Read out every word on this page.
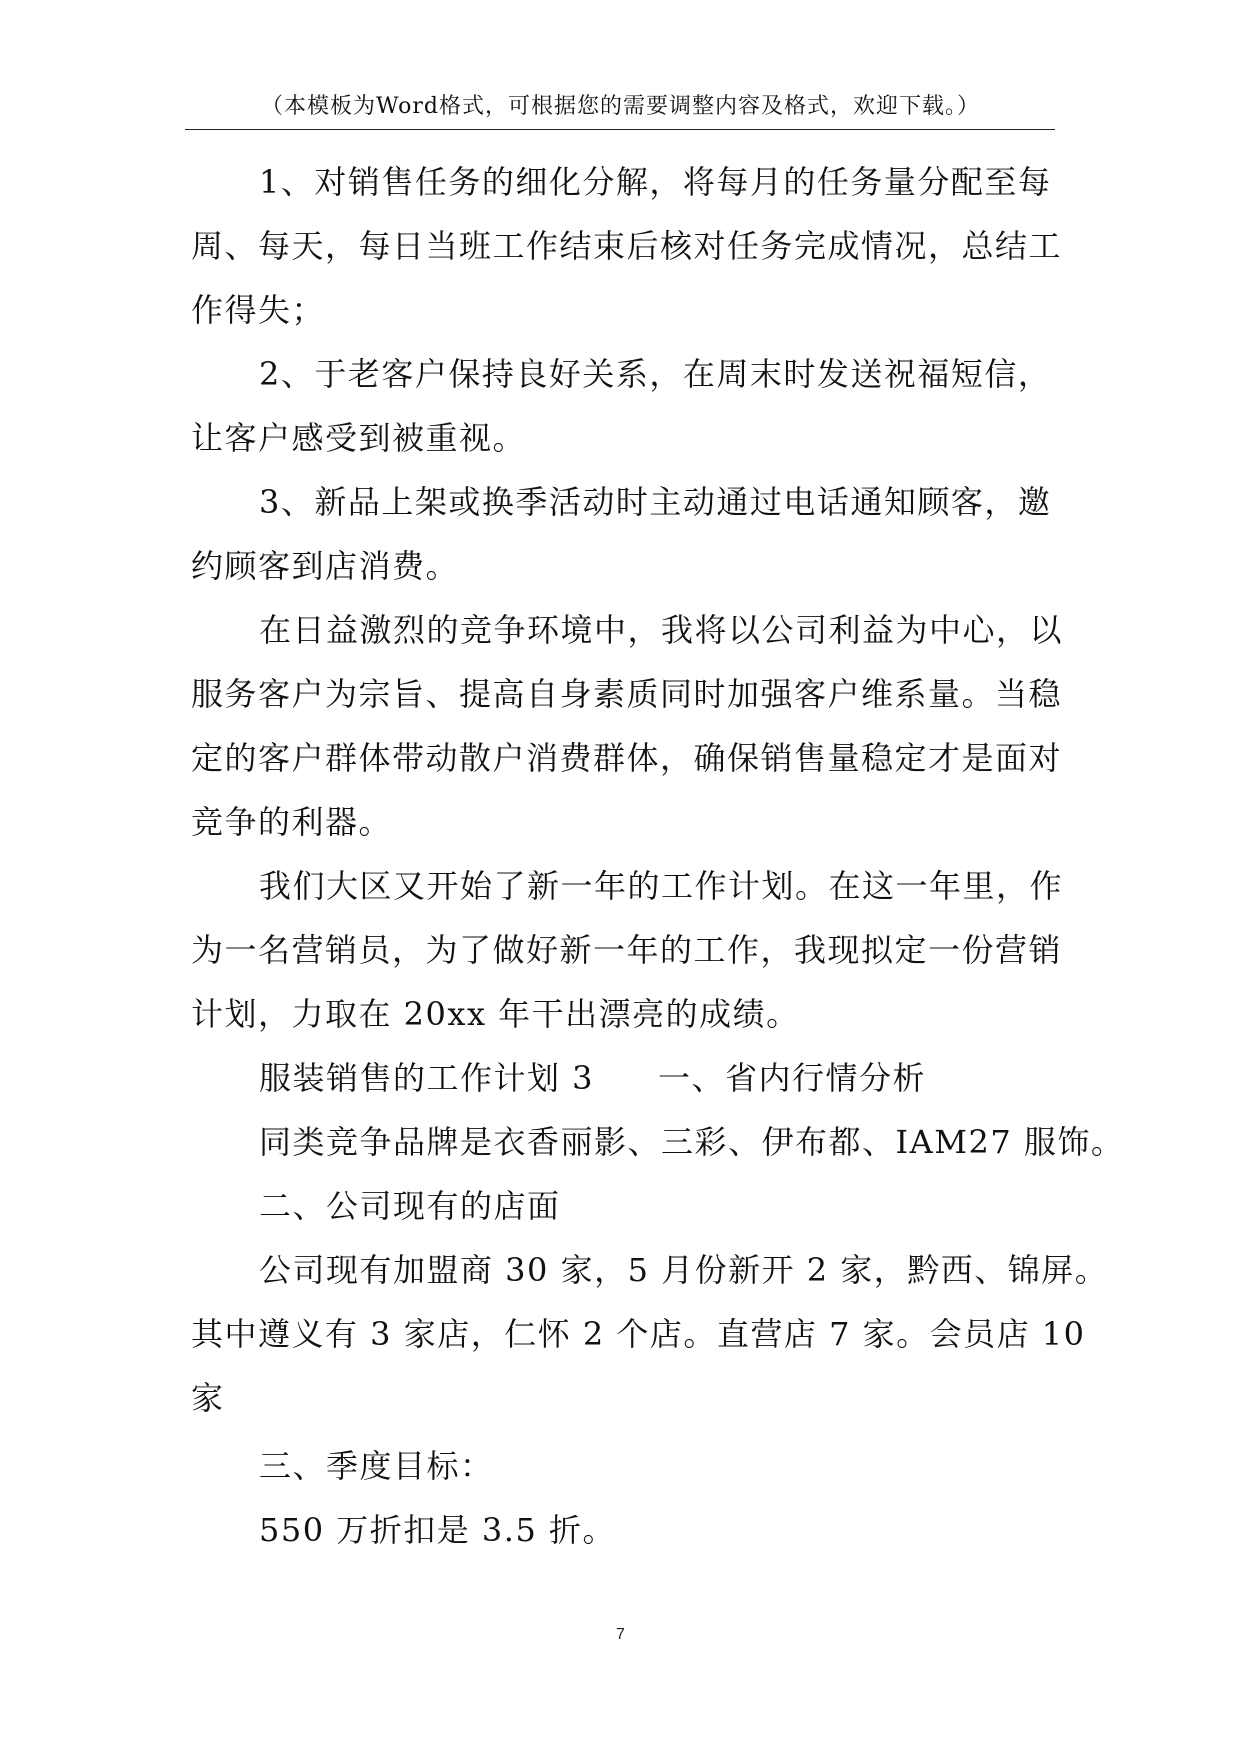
（本模板为Word格式，可根据您的需要调整内容及格式，欢迎下载。）
1、对销售任务的细化分解，将每月的任务量分配至每
周、每天，每日当班工作结束后核对任务完成情况，总结工
作得失；
2、于老客户保持良好关系，在周末时发送祝福短信，
让客户感受到被重视。
3、新品上架或换季活动时主动通过电话通知顾客，邀
约顾客到店消费。
在日益激烈的竞争环境中，我将以公司利益为中心，以
服务客户为宗旨、提高自身素质同时加强客户维系量。当稳
定的客户群体带动散户消费群体，确保销售量稳定才是面对
竞争的利器。
我们大区又开始了新一年的工作计划。在这一年里，作
为一名营销员，为了做好新一年的工作，我现拟定一份营销
计划，力取在 20xx 年干出漂亮的成绩。
服装销售的工作计划 3 一、省内行情分析
同类竞争品牌是衣香丽影、三彩、伊布都、IAM27 服饰。
二、公司现有的店面
公司现有加盟商 30 家，5 月份新开 2 家，黔西、锦屏。
其中遵义有 3 家店，仁怀 2 个店。直营店 7 家。会员店 10
家
三、季度目标：
550 万折扣是 3.5 折。
7
